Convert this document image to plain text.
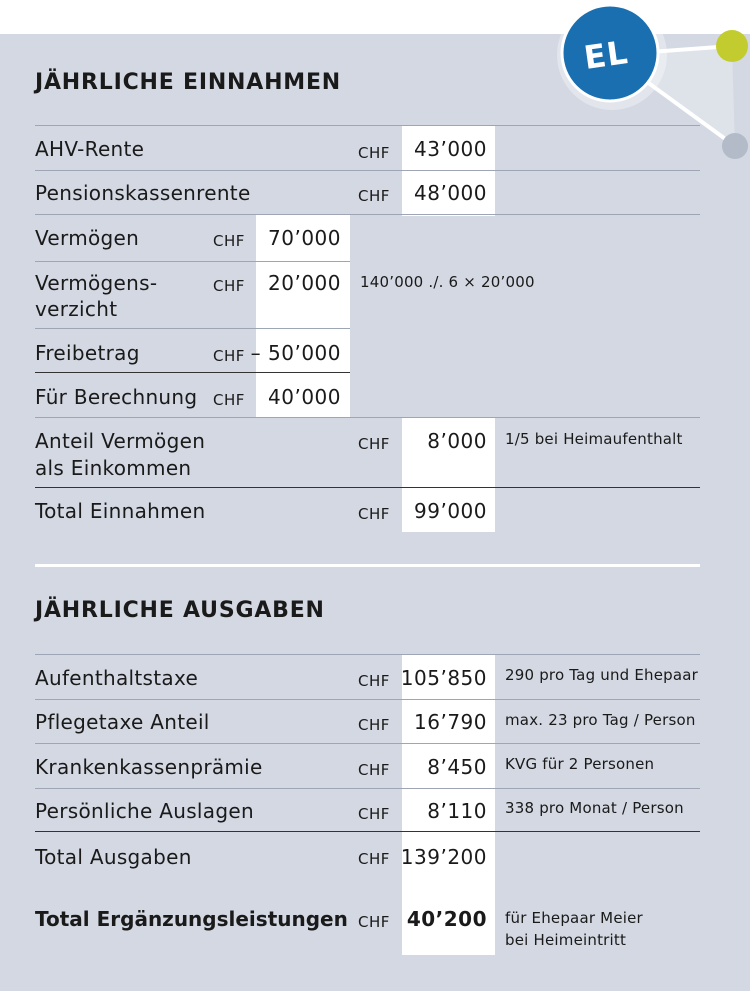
EL
JÄHRLICHE EINNAHMEN
AHV-Rente	CHF 43’000
Pensionskassenrente	CHF 48’000
Vermögen	CHF 70’000
Vermögens-
verzicht
CHF 20’000 140’000 ./. 6 × 20’000
Freibetrag	CHF – 50’000
Für Berechnung CHF 40’000
Anteil Vermögen
als Einkommen
CHF 8’000 1/5 bei Heimaufenthalt
Total Einnahmen	CHF 99’000
JÄHRLICHE AUSGABEN
Aufenthaltstaxe	CHF 105’850 290 pro Tag und Ehepaar
Pflegetaxe Anteil	CHF 16’790 max. 23 pro Tag / Person
Krankenkassenprämie	CHF 8’450 KVG für 2 Personen
Persönliche Auslagen	CHF 8’110 338 pro Monat / Person
Total Ausgaben	CHF 139’200
Total Ergänzungsleistungen CHF 40’200 für Ehepaar Meier
bei Heimeintritt
